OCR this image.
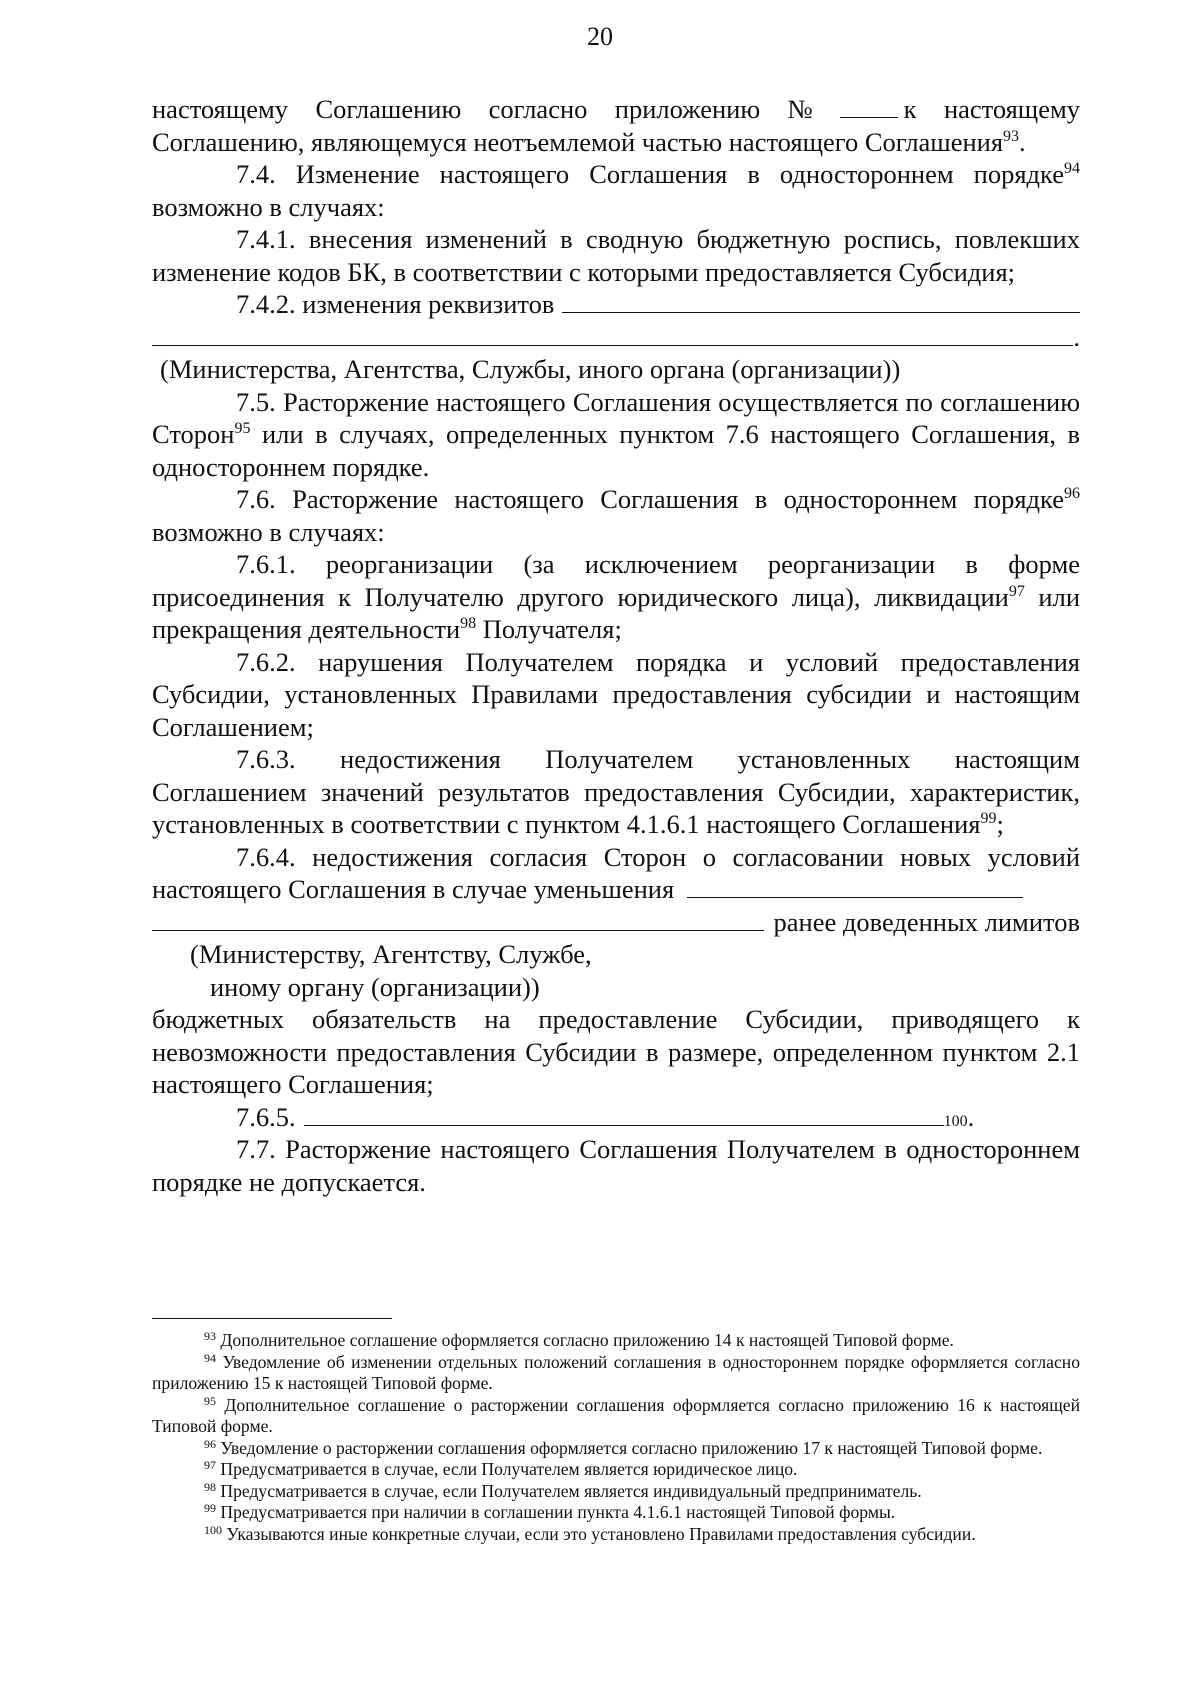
20

настоящему Соглашению согласно приложению №	к настоящему Соглашению, являющемуся неотъемлемой частью настоящего Соглашения$^{93}$.

7.4. Изменение настоящего Соглашения в одностороннем порядке$^{94}$ возможно в случаях:

7.4.1. внесения изменений в сводную бюджетную роспись, повлекших изменение кодов БК, в соответствии с которыми предоставляется Субсидия;

7.4.2. изменения реквизитов
.

(Министерства, Агентства, Службы, иного органа (организации))

7.5. Расторжение настоящего Соглашения осуществляется по соглашению Сторон$^{95}$ или в случаях, определенных пунктом 7.6 настоящего Соглашения, в одностороннем порядке.

7.6. Расторжение настоящего Соглашения в одностороннем порядке$^{96}$ возможно в случаях:

7.6.1. реорганизации (за исключением реорганизации в форме присоединения к Получателю другого юридического лица), ликвидации$^{97}$ или прекращения деятельности$^{98}$ Получателя;

7.6.2. нарушения Получателем порядка и условий предоставления Субсидии, установленных Правилами предоставления субсидии и настоящим Соглашением;

7.6.3. недостижения Получателем установленных настоящим Соглашением значений результатов предоставления Субсидии, характеристик, установленных в соответствии с пунктом 4.1.6.1 настоящего Соглашения$^{99}$;

7.6.4. недостижения согласия Сторон о согласовании новых условий настоящего Соглашения в случае уменьшения

ранее доведенных лимитов

(Министерству, Агентству, Службе,

иному органу (организации))

бюджетных обязательств на предоставление Субсидии, приводящего к невозможности предоставления Субсидии в размере, определенном пунктом 2.1 настоящего Соглашения;

7.6.5.	100 .

7.7. Расторжение настоящего Соглашения Получателем в одностороннем порядке не допускается.

$^{93}$ Дополнительное соглашение оформляется согласно приложению 14 к настоящей Типовой форме.

$^{94}$ Уведомление об изменении отдельных положений соглашения в одностороннем порядке оформляется согласно приложению 15 к настоящей Типовой форме.

$^{95}$ Дополнительное соглашение о расторжении соглашения оформляется согласно приложению 16 к настоящей Типовой форме.

$^{96}$ Уведомление о расторжении соглашения оформляется согласно приложению 17 к настоящей Типовой форме.

$^{97}$ Предусматривается в случае, если Получателем является юридическое лицо.

$^{98}$ Предусматривается в случае, если Получателем является индивидуальный предприниматель.

$^{99}$ Предусматривается при наличии в соглашении пункта 4.1.6.1 настоящей Типовой формы.

$^{100}$ Указываются иные конкретные случаи, если это установлено Правилами предоставления субсидии.
